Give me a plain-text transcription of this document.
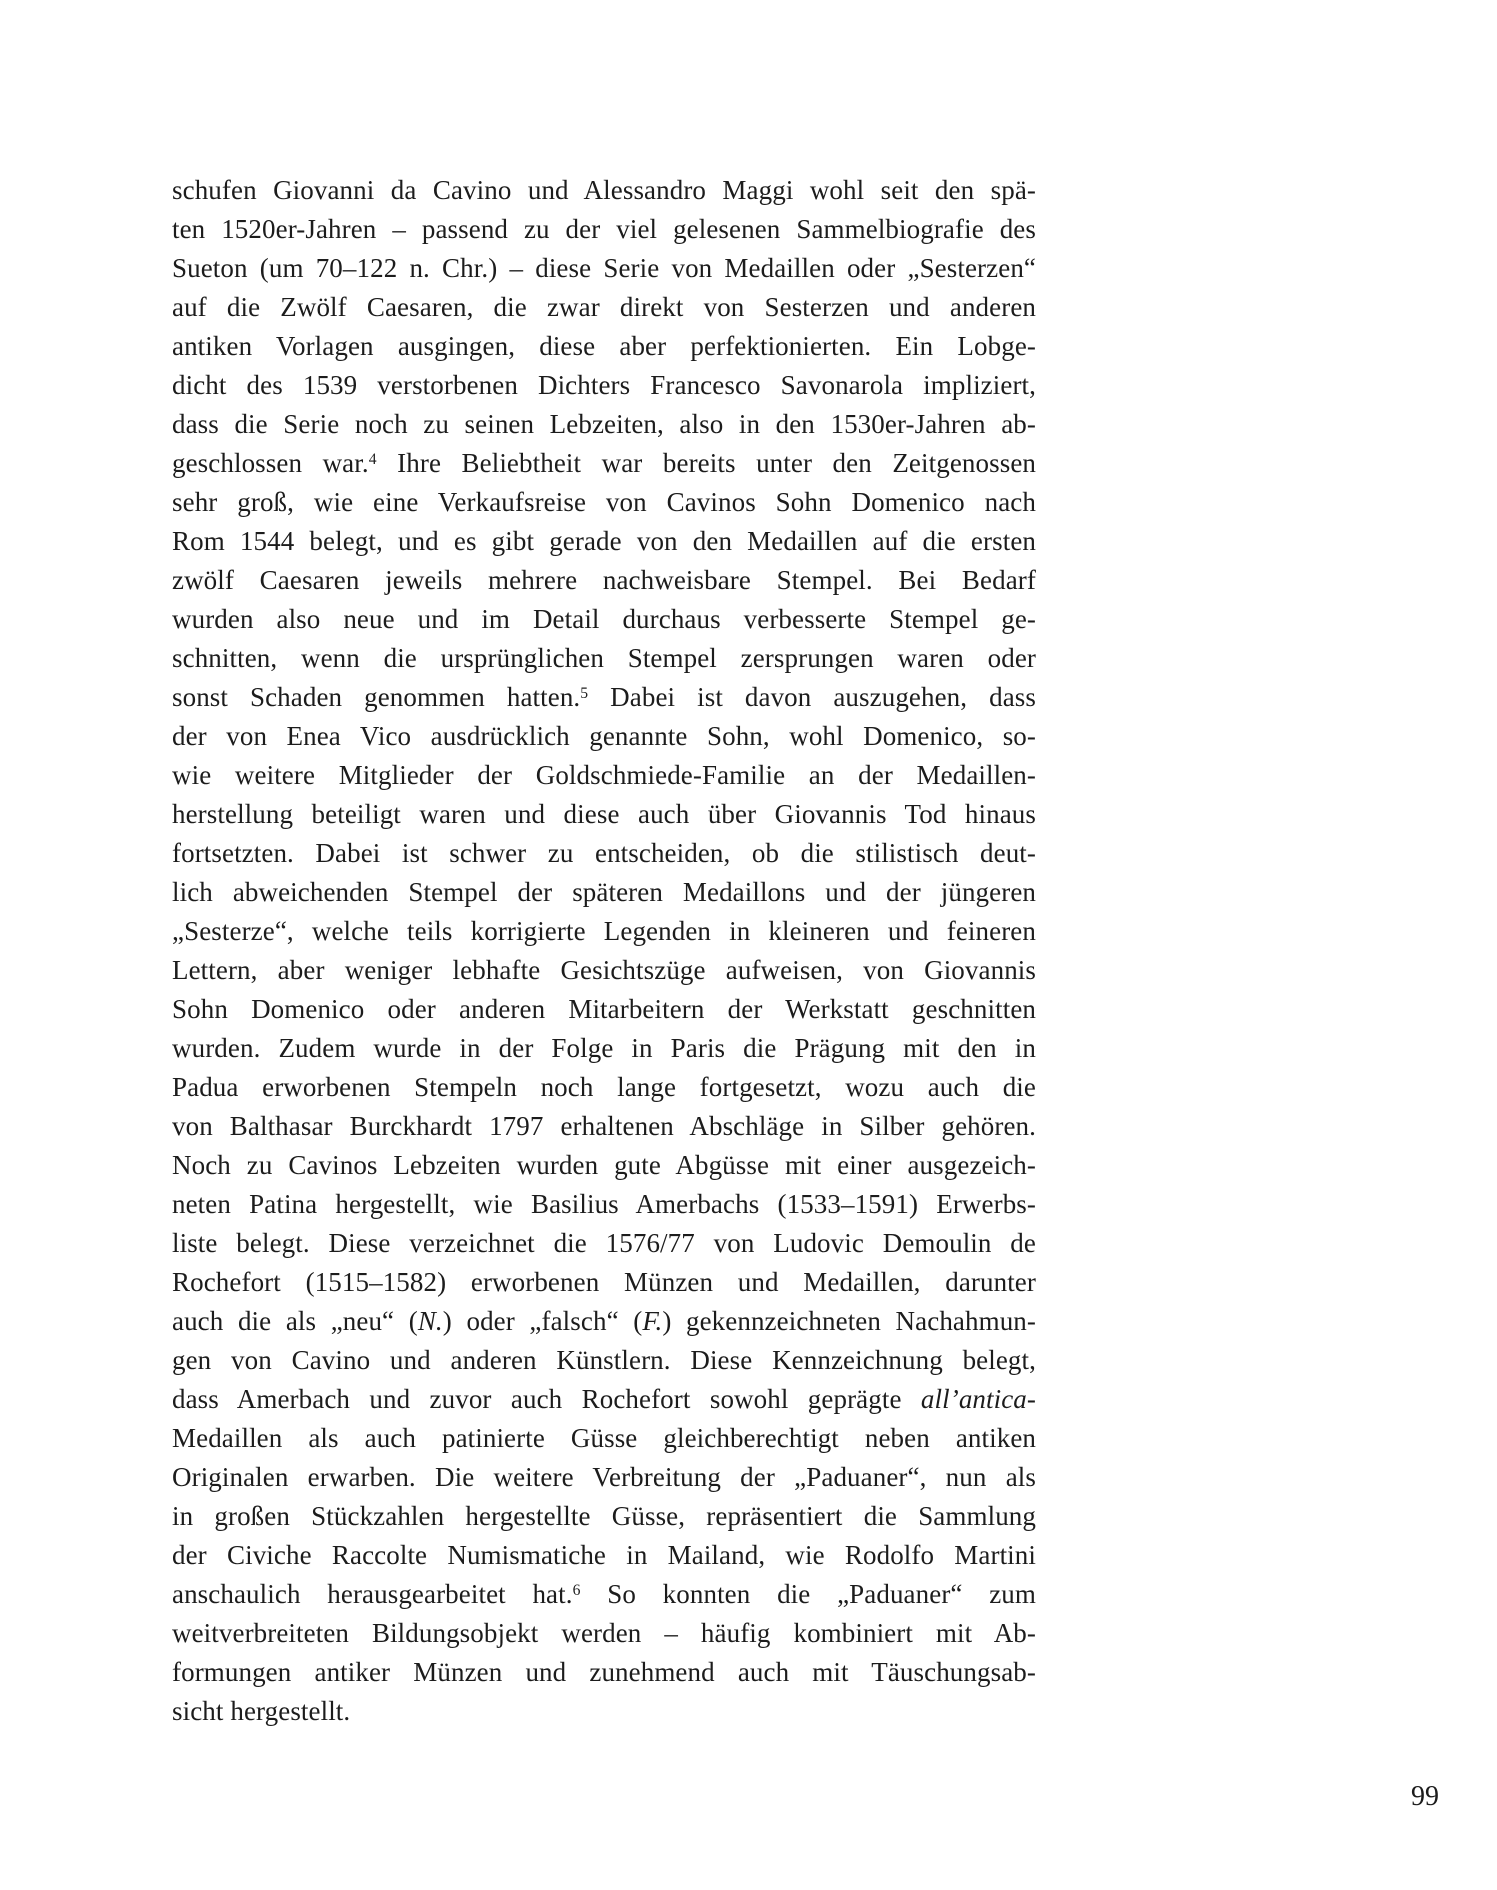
schufen Giovanni da Cavino und Alessandro Maggi wohl seit den spä-
ten 1520er-Jahren – passend zu der viel gelesenen Sammelbiografie des
Sueton (um 70–122 n. Chr.) – diese Serie von Medaillen oder „Sesterzen“
auf die Zwölf Caesaren, die zwar direkt von Sesterzen und anderen
antiken Vorlagen ausgingen, diese aber perfektionierten. Ein Lobge-
dicht des 1539 verstorbenen Dichters Francesco Savonarola impliziert,
dass die Serie noch zu seinen Lebzeiten, also in den 1530er-Jahren ab-
geschlossen war.$^4$ Ihre Beliebtheit war bereits unter den Zeitgenossen
sehr groß, wie eine Verkaufsreise von Cavinos Sohn Domenico nach
Rom 1544 belegt, und es gibt gerade von den Medaillen auf die ersten
zwölf Caesaren jeweils mehrere nachweisbare Stempel. Bei Bedarf
wurden also neue und im Detail durchaus verbesserte Stempel ge-
schnitten, wenn die ursprünglichen Stempel zersprungen waren oder
sonst Schaden genommen hatten.$^5$ Dabei ist davon auszugehen, dass
der von Enea Vico ausdrücklich genannte Sohn, wohl Domenico, so-
wie weitere Mitglieder der Goldschmiede-Familie an der Medaillen-
herstellung beteiligt waren und diese auch über Giovannis Tod hinaus
fortsetzten. Dabei ist schwer zu entscheiden, ob die stilistisch deut-
lich abweichenden Stempel der späteren Medaillons und der jüngeren
„Sesterze“, welche teils korrigierte Legenden in kleineren und feineren
Lettern, aber weniger lebhafte Gesichtszüge aufweisen, von Giovannis
Sohn Domenico oder anderen Mitarbeitern der Werkstatt geschnitten
wurden. Zudem wurde in der Folge in Paris die Prägung mit den in
Padua erworbenen Stempeln noch lange fortgesetzt, wozu auch die
von Balthasar Burckhardt 1797 erhaltenen Abschläge in Silber gehören.
Noch zu Cavinos Lebzeiten wurden gute Abgüsse mit einer ausgezeich-
neten Patina hergestellt, wie Basilius Amerbachs (1533–1591) Erwerbs-
liste belegt. Diese verzeichnet die 1576/77 von Ludovic Demoulin de
Rochefort (1515–1582) erworbenen Münzen und Medaillen, darunter
auch die als „neu“ (N.) oder „falsch“ (F.) gekennzeichneten Nachahmun-
gen von Cavino und anderen Künstlern. Diese Kennzeichnung belegt,
dass Amerbach und zuvor auch Rochefort sowohl geprägte all’antica-
Medaillen als auch patinierte Güsse gleichberechtigt neben antiken
Originalen erwarben. Die weitere Verbreitung der „Paduaner“, nun als
in großen Stückzahlen hergestellte Güsse, repräsentiert die Sammlung
der Civiche Raccolte Numismatiche in Mailand, wie Rodolfo Martini
anschaulich herausgearbeitet hat.$^6$ So konnten die „Paduaner“ zum
weitverbreiteten Bildungsobjekt werden – häufig kombiniert mit Ab-
formungen antiker Münzen und zunehmend auch mit Täuschungsab-
sicht hergestellt.
99
